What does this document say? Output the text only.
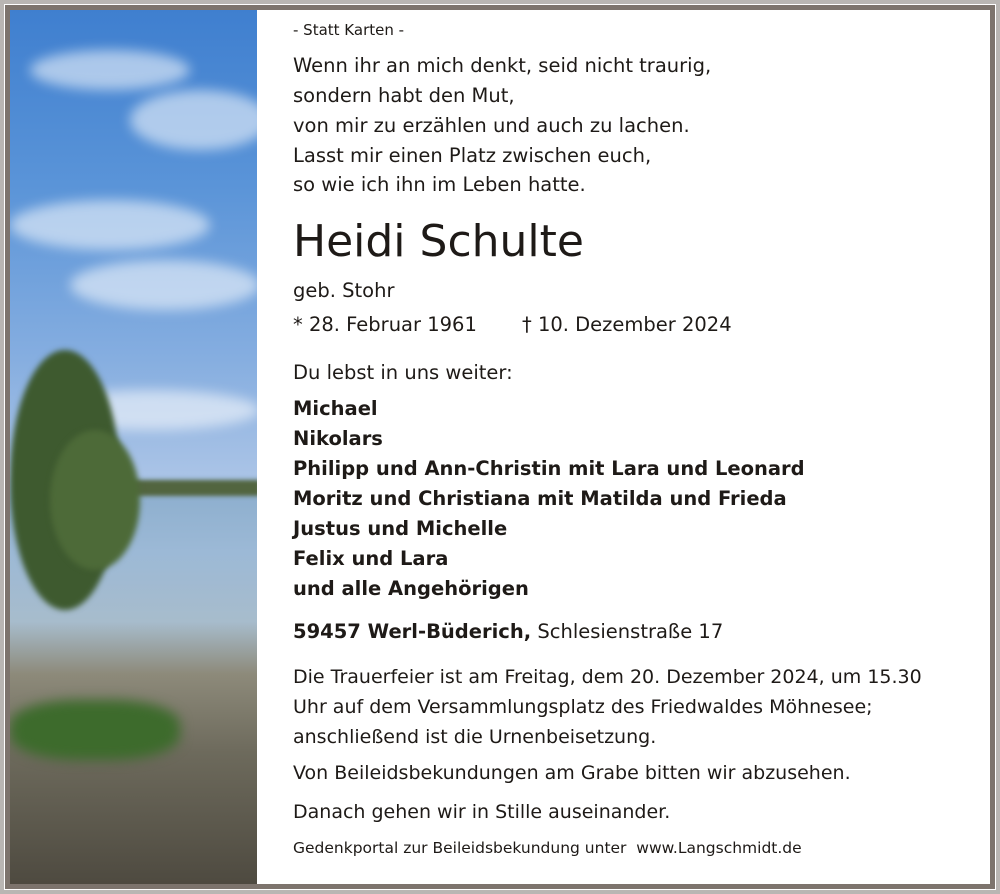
- Statt Karten -
Wenn ihr an mich denkt, seid nicht traurig,
sondern habt den Mut,
von mir zu erzählen und auch zu lachen.
Lasst mir einen Platz zwischen euch,
so wie ich ihn im Leben hatte.
Heidi Schulte
geb. Stohr
* 28. Februar 1961 † 10. Dezember 2024
Du lebst in uns weiter:
Michael
Nikolars
Philipp und Ann-Christin mit Lara und Leonard
Moritz und Christiana mit Matilda und Frieda
Justus und Michelle
Felix und Lara
und alle Angehörigen
59457 Werl-Büderich, Schlesienstraße 17
Die Trauerfeier ist am Freitag, dem 20. Dezember 2024, um 15.30
Uhr auf dem Versammlungsplatz des Friedwaldes Möhnesee;
anschließend ist die Urnenbeisetzung.
Von Beileidsbekundungen am Grabe bitten wir abzusehen.
Danach gehen wir in Stille auseinander.
Gedenkportal zur Beileidsbekundung unter www.Langschmidt.de
